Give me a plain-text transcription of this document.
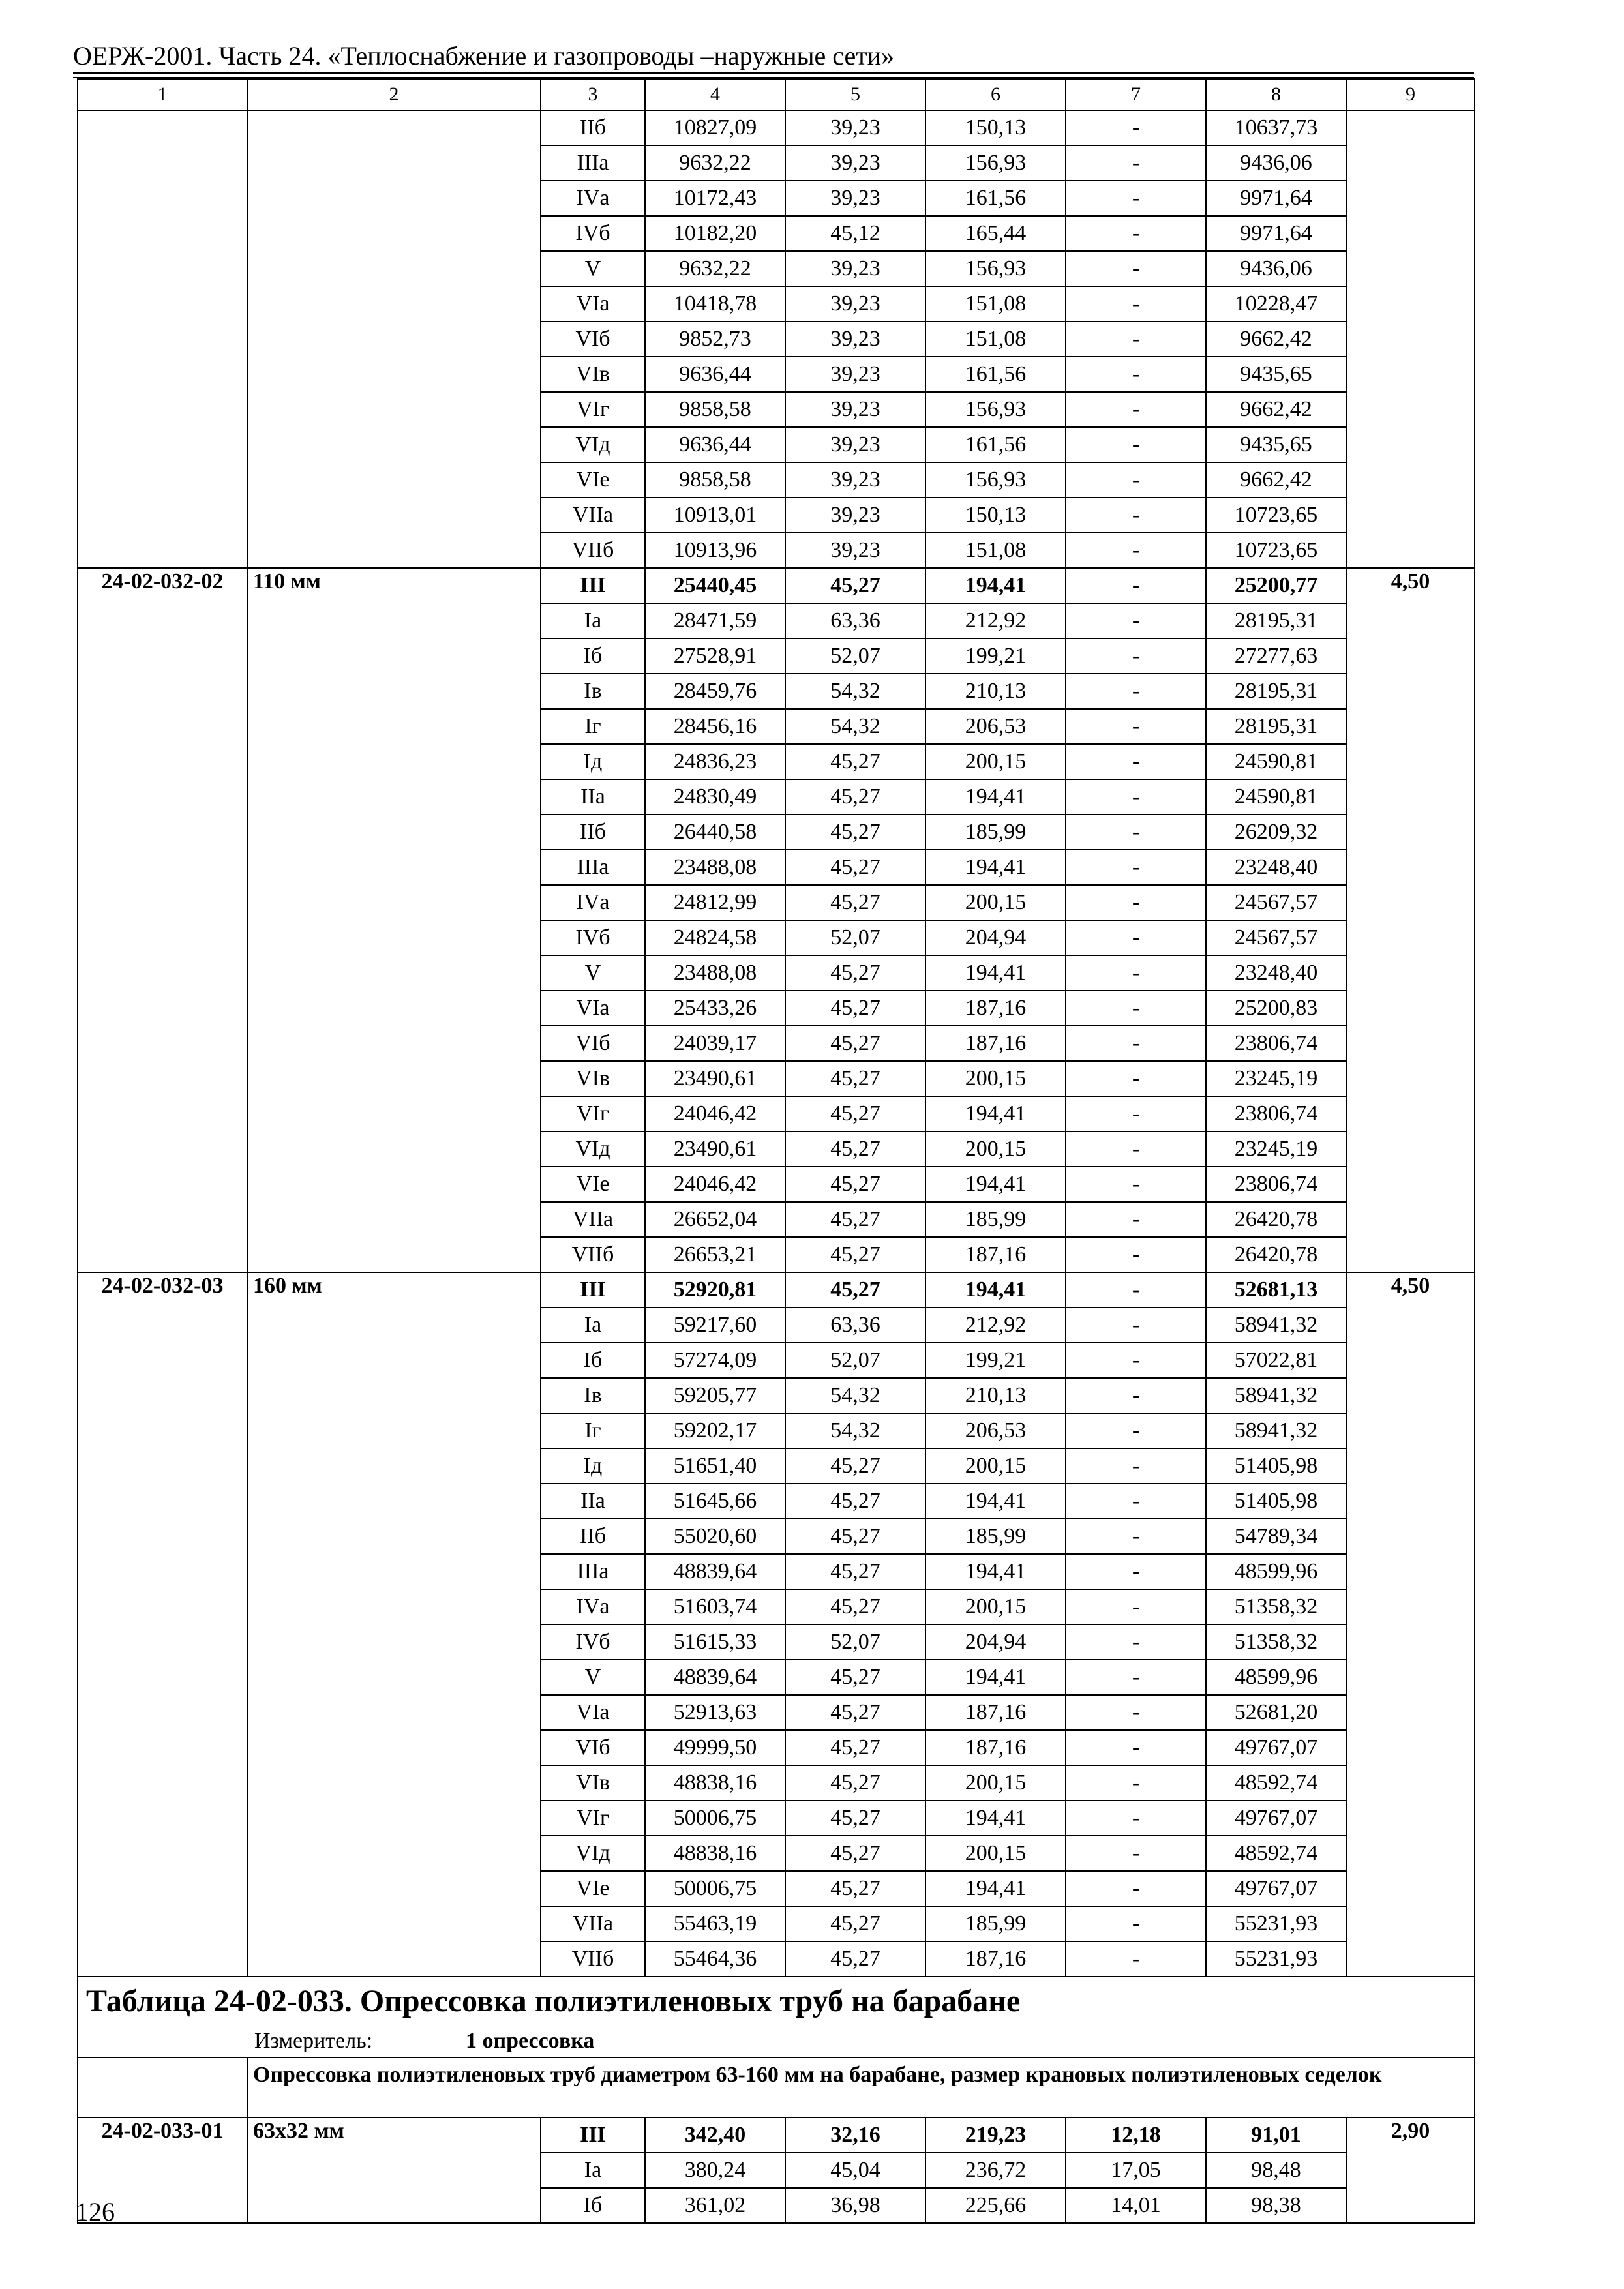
ОЕРЖ-2001. Часть 24. «Теплоснабжение и газопроводы –наружные сети»
1	2	3	4	5	6	7	8	9
		IIб	10827,09	39,23	150,13	-	10637,73	
		IIIа	9632,22	39,23	156,93	-	9436,06	
		IVа	10172,43	39,23	161,56	-	9971,64	
		IVб	10182,20	45,12	165,44	-	9971,64	
		V	9632,22	39,23	156,93	-	9436,06	
		VIа	10418,78	39,23	151,08	-	10228,47	
		VIб	9852,73	39,23	151,08	-	9662,42	
		VIв	9636,44	39,23	161,56	-	9435,65	
		VIг	9858,58	39,23	156,93	-	9662,42	
		VIд	9636,44	39,23	161,56	-	9435,65	
		VIе	9858,58	39,23	156,93	-	9662,42	
		VIIа	10913,01	39,23	150,13	-	10723,65	
		VIIб	10913,96	39,23	151,08	-	10723,65	
24-02-032-02	110 мм	III	25440,45	45,27	194,41	-	25200,77	4,50
		Iа	28471,59	63,36	212,92	-	28195,31	
		Iб	27528,91	52,07	199,21	-	27277,63	
		Iв	28459,76	54,32	210,13	-	28195,31	
		Iг	28456,16	54,32	206,53	-	28195,31	
		Iд	24836,23	45,27	200,15	-	24590,81	
		IIа	24830,49	45,27	194,41	-	24590,81	
		IIб	26440,58	45,27	185,99	-	26209,32	
		IIIа	23488,08	45,27	194,41	-	23248,40	
		IVа	24812,99	45,27	200,15	-	24567,57	
		IVб	24824,58	52,07	204,94	-	24567,57	
		V	23488,08	45,27	194,41	-	23248,40	
		VIа	25433,26	45,27	187,16	-	25200,83	
		VIб	24039,17	45,27	187,16	-	23806,74	
		VIв	23490,61	45,27	200,15	-	23245,19	
		VIг	24046,42	45,27	194,41	-	23806,74	
		VIд	23490,61	45,27	200,15	-	23245,19	
		VIе	24046,42	45,27	194,41	-	23806,74	
		VIIа	26652,04	45,27	185,99	-	26420,78	
		VIIб	26653,21	45,27	187,16	-	26420,78	
24-02-032-03	160 мм	III	52920,81	45,27	194,41	-	52681,13	4,50
		Iа	59217,60	63,36	212,92	-	58941,32	
		Iб	57274,09	52,07	199,21	-	57022,81	
		Iв	59205,77	54,32	210,13	-	58941,32	
		Iг	59202,17	54,32	206,53	-	58941,32	
		Iд	51651,40	45,27	200,15	-	51405,98	
		IIа	51645,66	45,27	194,41	-	51405,98	
		IIб	55020,60	45,27	185,99	-	54789,34	
		IIIа	48839,64	45,27	194,41	-	48599,96	
		IVа	51603,74	45,27	200,15	-	51358,32	
		IVб	51615,33	52,07	204,94	-	51358,32	
		V	48839,64	45,27	194,41	-	48599,96	
		VIа	52913,63	45,27	187,16	-	52681,20	
		VIб	49999,50	45,27	187,16	-	49767,07	
		VIв	48838,16	45,27	200,15	-	48592,74	
		VIг	50006,75	45,27	194,41	-	49767,07	
		VIд	48838,16	45,27	200,15	-	48592,74	
		VIе	50006,75	45,27	194,41	-	49767,07	
		VIIа	55463,19	45,27	185,99	-	55231,93	
		VIIб	55464,36	45,27	187,16	-	55231,93	
Таблица 24-02-033. Опрессовка полиэтиленовых труб на барабане								
Измеритель: 1 опрессовка								
	Опрессовка полиэтиленовых труб диаметром 63-160 мм на барабане, размер крановых полиэтиленовых седелок							
24-02-033-01	63х32 мм	III	342,40	32,16	219,23	12,18	91,01	2,90
		Iа	380,24	45,04	236,72	17,05	98,48	
		Iб	361,02	36,98	225,66	14,01	98,38	
126
